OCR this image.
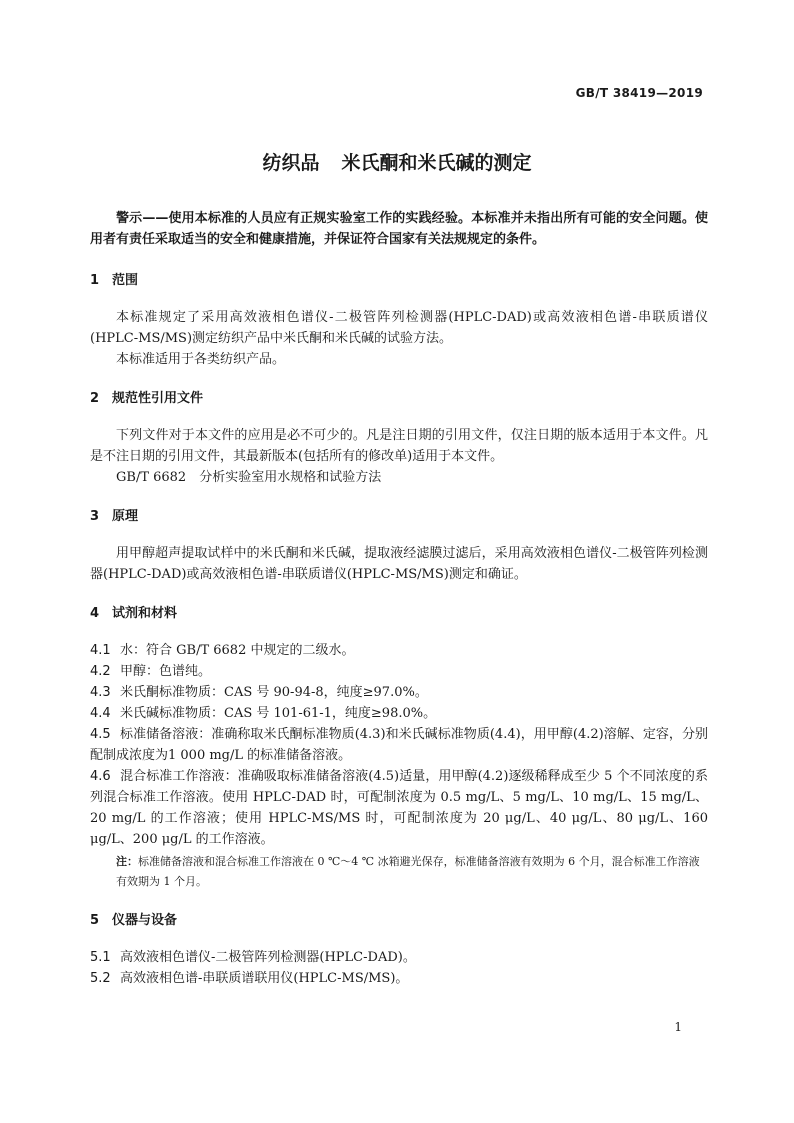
GB/T 38419—2019
纺织品 米氏酮和米氏碱的测定

警示——使用本标准的人员应有正规实验室工作的实践经验。本标准并未指出所有可能的安全问题。使用者有责任采取适当的安全和健康措施，并保证符合国家有关法规规定的条件。

1 范围

本标准规定了采用高效液相色谱仪-二极管阵列检测器(HPLC-DAD)或高效液相色谱-串联质谱仪(HPLC-MS/MS)测定纺织产品中米氏酮和米氏碱的试验方法。

本标准适用于各类纺织产品。

2 规范性引用文件

下列文件对于本文件的应用是必不可少的。凡是注日期的引用文件，仅注日期的版本适用于本文件。凡是不注日期的引用文件，其最新版本(包括所有的修改单)适用于本文件。

GB/T 6682　分析实验室用水规格和试验方法

3 原理

用甲醇超声提取试样中的米氏酮和米氏碱，提取液经滤膜过滤后，采用高效液相色谱仪-二极管阵列检测器(HPLC-DAD)或高效液相色谱-串联质谱仪(HPLC-MS/MS)测定和确证。

4 试剂和材料

4.1 水：符合 GB/T 6682 中规定的二级水。

4.2 甲醇：色谱纯。

4.3 米氏酮标准物质：CAS 号 90-94-8，纯度≥97.0%。

4.4 米氏碱标准物质：CAS 号 101-61-1，纯度≥98.0%。

4.5 标准储备溶液：准确称取米氏酮标准物质(4.3)和米氏碱标准物质(4.4)，用甲醇(4.2)溶解、定容，分别配制成浓度为1 000 mg/L 的标准储备溶液。

4.6 混合标准工作溶液：准确吸取标准储备溶液(4.5)适量，用甲醇(4.2)逐级稀释成至少 5 个不同浓度的系列混合标准工作溶液。使用 HPLC-DAD 时，可配制浓度为 0.5 mg/L、5 mg/L、10 mg/L、15 mg/L、20 mg/L 的工作溶液；使用 HPLC-MS/MS 时，可配制浓度为 20 μg/L、40 μg/L、80 μg/L、160 μg/L、200 μg/L 的工作溶液。

注：标准储备溶液和混合标准工作溶液在 0 ℃～4 ℃ 冰箱避光保存，标准储备溶液有效期为 6 个月，混合标准工作溶液有效期为 1 个月。
5 仪器与设备

5.1 高效液相色谱仪-二极管阵列检测器(HPLC-DAD)。

5.2 高效液相色谱-串联质谱联用仪(HPLC-MS/MS)。

1
